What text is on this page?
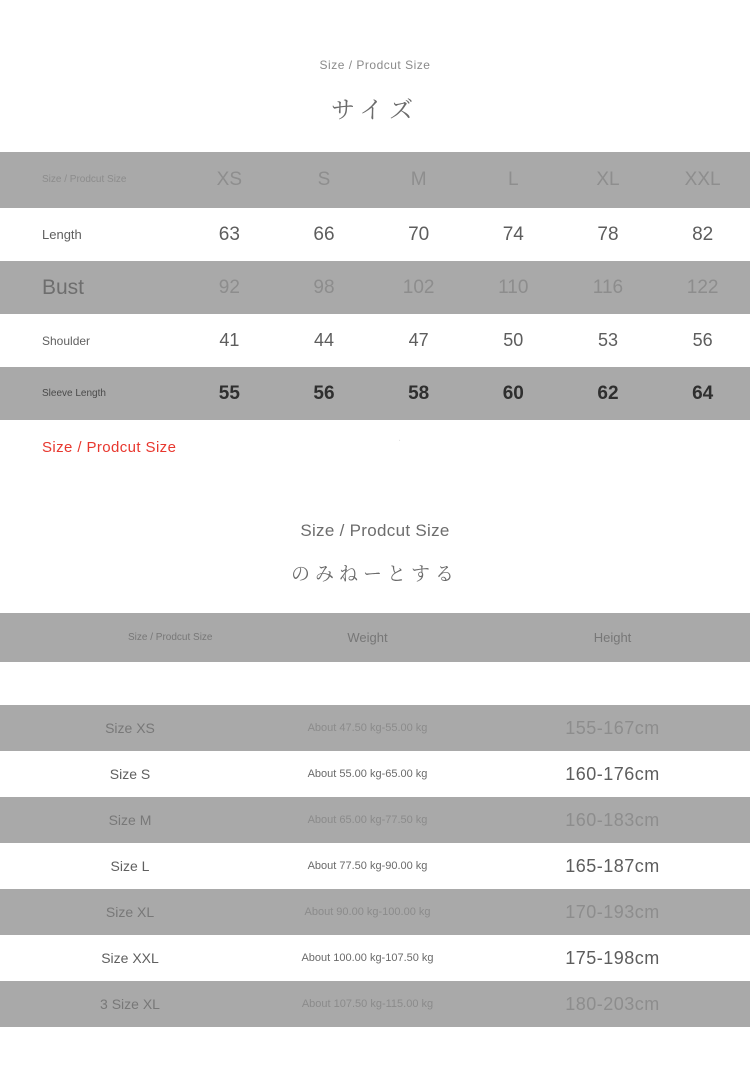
Size / Prodcut Size
サイズ
Size / Prodcut Size	XS	S	M	L	XL	XXL
Length	63	66	70	74	78	82
Bust	92	98	102	110	116	122
Shoulder	41	44	47	50	53	56
Sleeve Length	55	56	58	60	62	64
Size / Prodcut Size
.
Size / Prodcut Size
のみねーとする
Size / Prodcut Size	Weight	Height

Size XS	About 47.50 kg-55.00 kg	155-167cm
Size S	About 55.00 kg-65.00 kg	160-176cm
Size M	About 65.00 kg-77.50 kg	160-183cm
Size L	About 77.50 kg-90.00 kg	165-187cm
Size XL	About 90.00 kg-100.00 kg	170-193cm
Size XXL	About 100.00 kg-107.50 kg	175-198cm
3 Size XL	About 107.50 kg-115.00 kg	180-203cm
